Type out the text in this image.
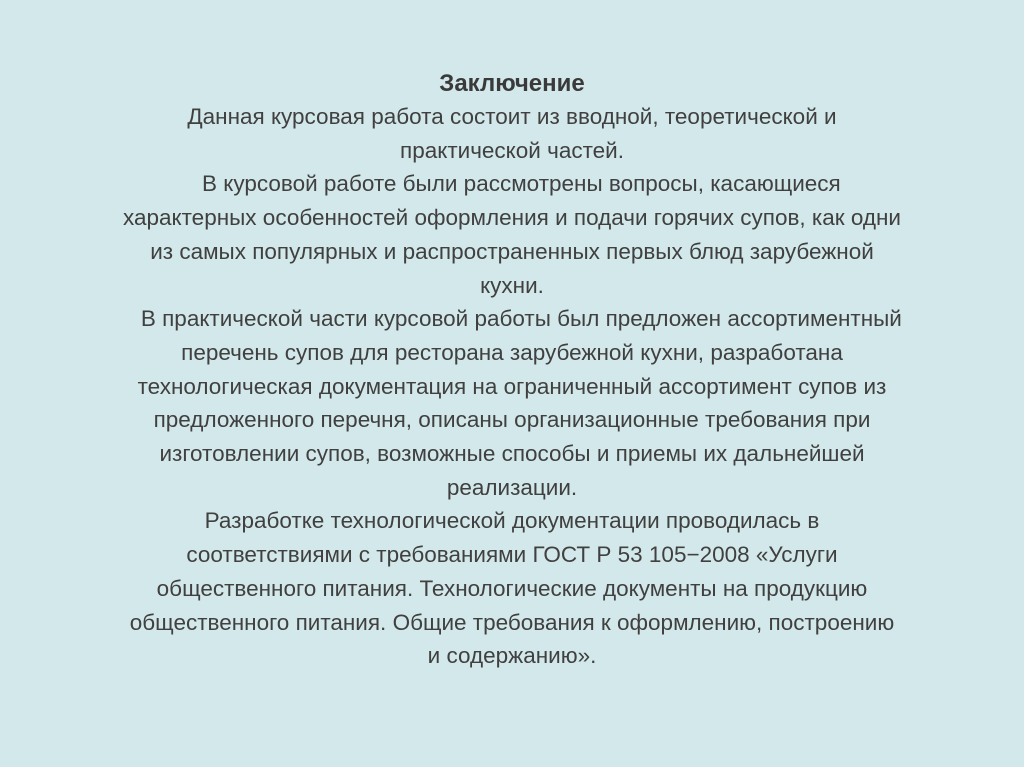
Заключение
Данная курсовая работа состоит из вводной, теоретической и
практической частей.
В курсовой работе были рассмотрены вопросы, касающиеся
характерных особенностей оформления и подачи горячих супов, как одни
из самых популярных и распространенных первых блюд зарубежной
кухни.
В практической части курсовой работы был предложен ассортиментный
перечень супов для ресторана зарубежной кухни, разработана
технологическая документация на ограниченный ассортимент супов из
предложенного перечня, описаны организационные требования при
изготовлении супов, возможные способы и приемы их дальнейшей
реализации.
Разработке технологической документации проводилась в
соответствиями с требованиями ГОСТ Р 53 105−2008 «Услуги
общественного питания. Технологические документы на продукцию
общественного питания. Общие требования к оформлению, построению
и содержанию».
